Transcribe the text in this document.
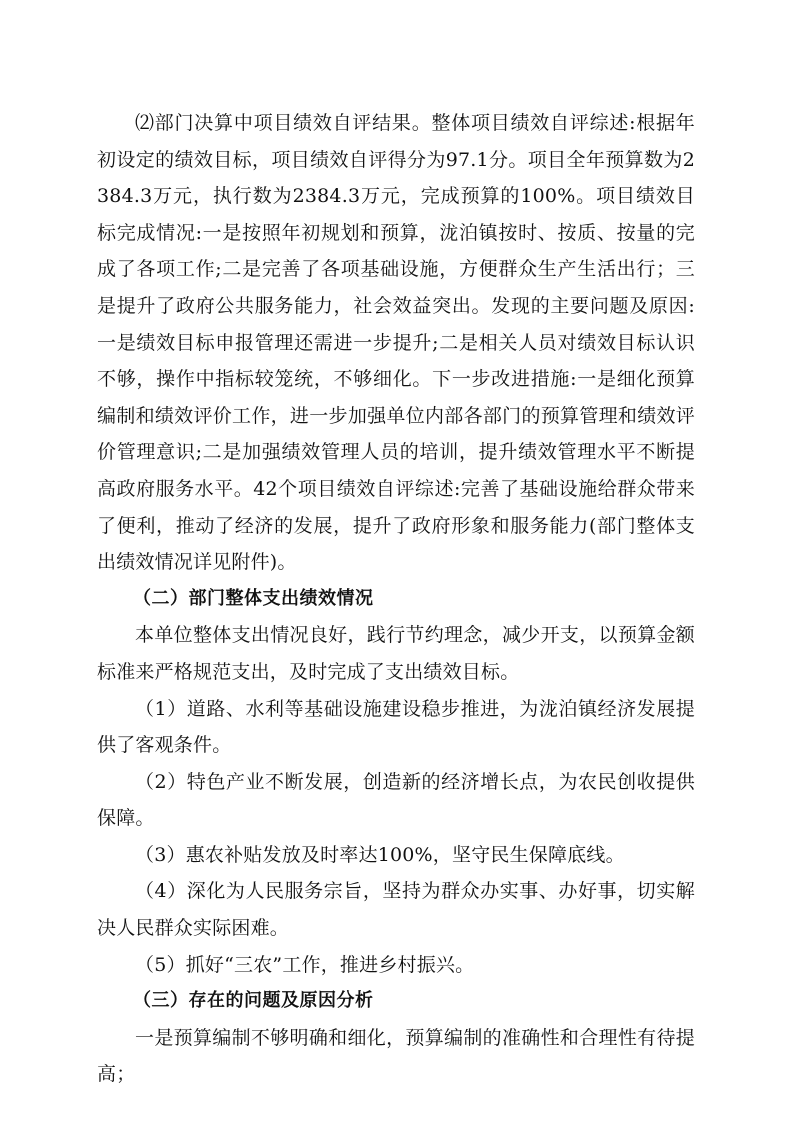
⑵部门决算中项目绩效自评结果。整体项目绩效自评综述:根据年初设定的绩效目标，项目绩效自评得分为97.1分。项目全年预算数为2384.3万元，执行数为2384.3万元，完成预算的100%。项目绩效目标完成情况:一是按照年初规划和预算，泷泊镇按时、按质、按量的完成了各项工作;二是完善了各项基础设施，方便群众生产生活出行；三是提升了政府公共服务能力，社会效益突出。发现的主要问题及原因:一是绩效目标申报管理还需进一步提升;二是相关人员对绩效目标认识不够，操作中指标较笼统，不够细化。下一步改进措施:一是细化预算编制和绩效评价工作，进一步加强单位内部各部门的预算管理和绩效评价管理意识;二是加强绩效管理人员的培训，提升绩效管理水平不断提高政府服务水平。42个项目绩效自评综述:完善了基础设施给群众带来了便利，推动了经济的发展，提升了政府形象和服务能力(部门整体支出绩效情况详见附件)。

（二）部门整体支出绩效情况

本单位整体支出情况良好，践行节约理念，减少开支，以预算金额标准来严格规范支出，及时完成了支出绩效目标。

（1）道路、水利等基础设施建设稳步推进，为泷泊镇经济发展提供了客观条件。

（2）特色产业不断发展，创造新的经济增长点，为农民创收提供保障。

（3）惠农补贴发放及时率达100%，坚守民生保障底线。

（4）深化为人民服务宗旨，坚持为群众办实事、办好事，切实解决人民群众实际困难。

（5）抓好“三农”工作，推进乡村振兴。

（三）存在的问题及原因分析

一是预算编制不够明确和细化，预算编制的准确性和合理性有待提高；
